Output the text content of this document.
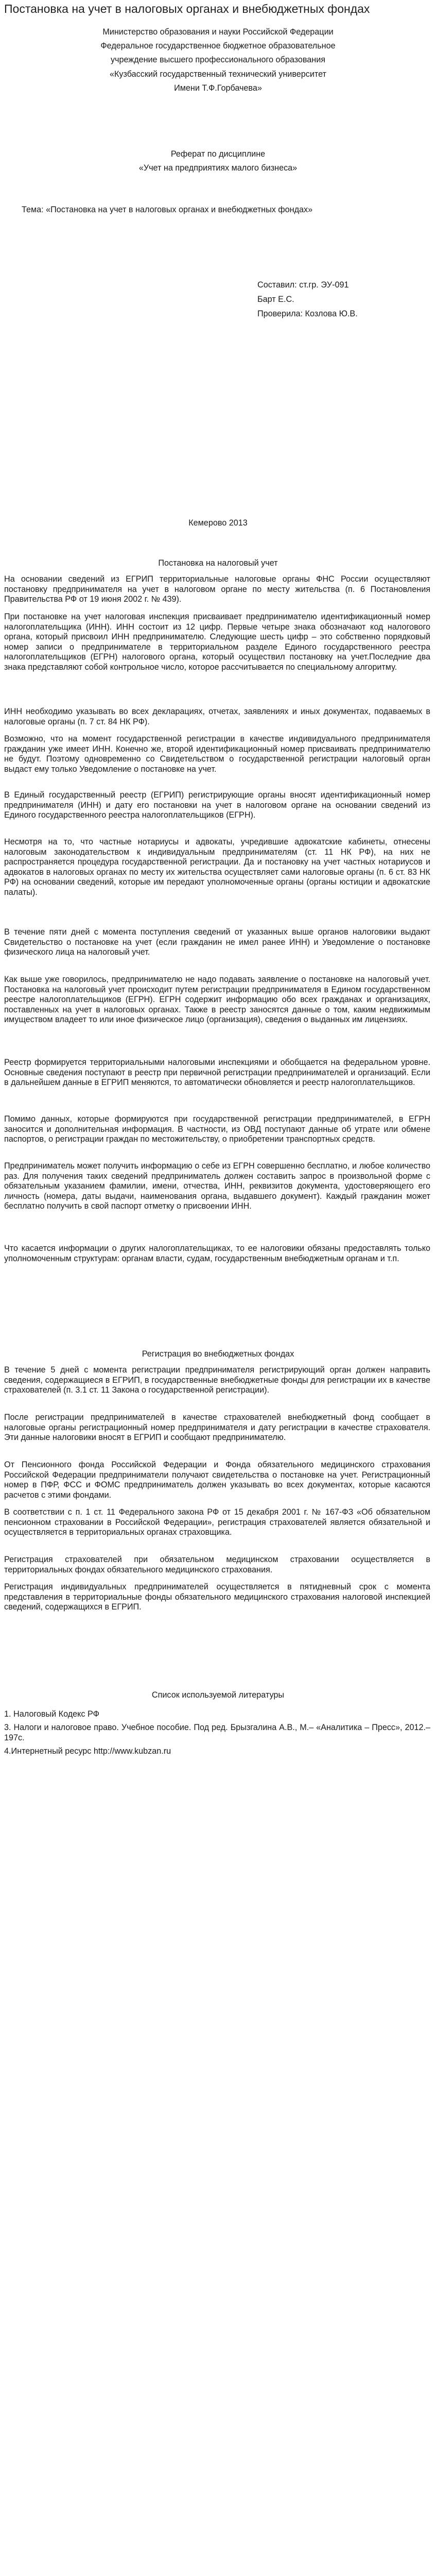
Постановка на учет в налоговых органах и внебюджетных фондах
Министерство образования и науки Российской Федерации
Федеральное государственное бюджетное образовательное
учреждение высшего профессионального образования
«Кузбасский государственный технический университет
Имени Т.Ф.Горбачева»
Реферат по дисциплине
«Учет на предприятиях малого бизнеса»
Тема: «Постановка на учет в налоговых органах и внебюджетных фондах»
Составил: ст.гр. ЭУ-091
Барт Е.С.
Проверила: Козлова Ю.В.
Кемерово 2013
Постановка на налоговый учет

На основании сведений из ЕГРИП территориальные налоговые органы ФНС России осуществляют постановку предпринимателя на учет в налоговом органе по месту жительства (п. 6 Постановления Правительства РФ от 19 июня 2002 г. № 439).

При постановке на учет налоговая инспекция присваивает предпринимателю идентификационный номер налогоплательщика (ИНН). ИНН состоит из 12 цифр. Первые четыре знака обозначают код налогового органа, который присвоил ИНН предпринимателю. Следующие шесть цифр – это собственно порядковый номер записи о предпринимателе в территориальном разделе Единого государственного реестра налогоплательщиков (ЕГРН) налогового органа, который осуществил постановку на учет.Последние два знака представляют собой контрольное число, которое рассчитывается по специальному алгоритму.

ИНН необходимо указывать во всех декларациях, отчетах, заявлениях и иных документах, подаваемых в налоговые органы (п. 7 ст. 84 НК РФ).

Возможно, что на момент государственной регистрации в качестве индивидуального предпринимателя гражданин уже имеет ИНН. Конечно же, второй идентификационный номер присваивать предпринимателю не будут. Поэтому одновременно со Свидетельством о государственной регистрации налоговый орган выдаст ему только Уведомление о постановке на учет.

В Единый государственный реестр (ЕГРИП) регистрирующие органы вносят идентификационный номер предпринимателя (ИНН) и дату его постановки на учет в налоговом органе на основании сведений из Единого государственного реестра налогоплательщиков (ЕГРН).

Несмотря на то, что частные нотариусы и адвокаты, учредившие адвокатские кабинеты, отнесены налоговым законодательством к индивидуальным предпринимателям (ст. 11 НК РФ), на них не распространяется процедура государственной регистрации. Да и постановку на учет частных нотариусов и адвокатов в налоговых органах по месту их жительства осуществляет сами налоговые органы (п. 6 ст. 83 НК РФ) на основании сведений, которые им передают уполномоченные органы (органы юстиции и адвокатские палаты).

В течение пяти дней с момента поступления сведений от указанных выше органов налоговики выдают Свидетельство о постановке на учет (если гражданин не имел ранее ИНН) и Уведомление о постановке физического лица на налоговый учет.

Как выше уже говорилось, предпринимателю не надо подавать заявление о постановке на налоговый учет. Постановка на налоговый учет происходит путем регистрации предпринимателя в Едином государственном реестре налогоплательщиков (ЕГРН). ЕГРН содержит информацию обо всех гражданах и организациях, поставленных на учет в налоговых органах. Также в реестр заносятся данные о том, каким недвижимым имуществом владеет то или иное физическое лицо (организация), сведения о выданных им лицензиях.

Реестр формируется территориальными налоговыми инспекциями и обобщается на федеральном уровне. Основные сведения поступают в реестр при первичной регистрации предпринимателей и организаций. Если в дальнейшем данные в ЕГРИП меняются, то автоматически обновляется и реестр налогоплательщиков.

Помимо данных, которые формируются при государственной регистрации предпринимателей, в ЕГРН заносится и дополнительная информация. В частности, из ОВД поступают данные об утрате или обмене паспортов, о регистрации граждан по местожительству, о приобретении транспортных средств.

Предприниматель может получить информацию о себе из ЕГРН совершенно бесплатно, и любое количество раз. Для получения таких сведений предприниматель должен составить запрос в произвольной форме с обязательным указанием фамилии, имени, отчества, ИНН, реквизитов документа, удостоверяющего его личность (номера, даты выдачи, наименования органа, выдавшего документ). Каждый гражданин может бесплатно получить в свой паспорт отметку о присвоении ИНН.

Что касается информации о других налогоплательщиках, то ее налоговики обязаны предоставлять только уполномоченным структурам: органам власти, судам, государственным внебюджетным органам и т.п.

Регистрация во внебюджетных фондах

В течение 5 дней с момента регистрации предпринимателя регистрирующий орган должен направить сведения, содержащиеся в ЕГРИП, в государственные внебюджетные фонды для регистрации их в качестве страхователей (п. 3.1 ст. 11 Закона о государственной регистрации).

После регистрации предпринимателей в качестве страхователей внебюджетный фонд сообщает в налоговые органы регистрационный номер предпринимателя и дату регистрации в качестве страхователя. Эти данные налоговики вносят в ЕГРИП и сообщают предпринимателю.

От Пенсионного фонда Российской Федерации и Фонда обязательного медицинского страхования Российской Федерации предприниматели получают свидетельства о постановке на учет. Регистрационный номер в ПФР, ФСС и ФОМС предприниматель должен указывать во всех документах, которые касаются расчетов с этими фондами.

В соответствии с п. 1 ст. 11 Федерального закона РФ от 15 декабря 2001 г. № 167-ФЗ «Об обязательном пенсионном страховании в Российской Федерации», регистрация страхователей является обязательной и осуществляется в территориальных органах страховщика.

Регистрация страхователей при обязательном медицинском страховании осуществляется в территориальных фондах обязательного медицинского страхования.

Регистрация индивидуальных предпринимателей осуществляется в пятидневный срок с момента представления в территориальные фонды обязательного медицинского страхования налоговой инспекцией сведений, содержащихся в ЕГРИП.

Список используемой литературы

1. Налоговый Кодекс РФ

3. Налоги и налоговое право. Учебное пособие. Под ред. Брызгалина А.В., М.– «Аналитика – Пресс», 2012.–197с.

4.Интернетный ресурс http://www.kubzan.ru
